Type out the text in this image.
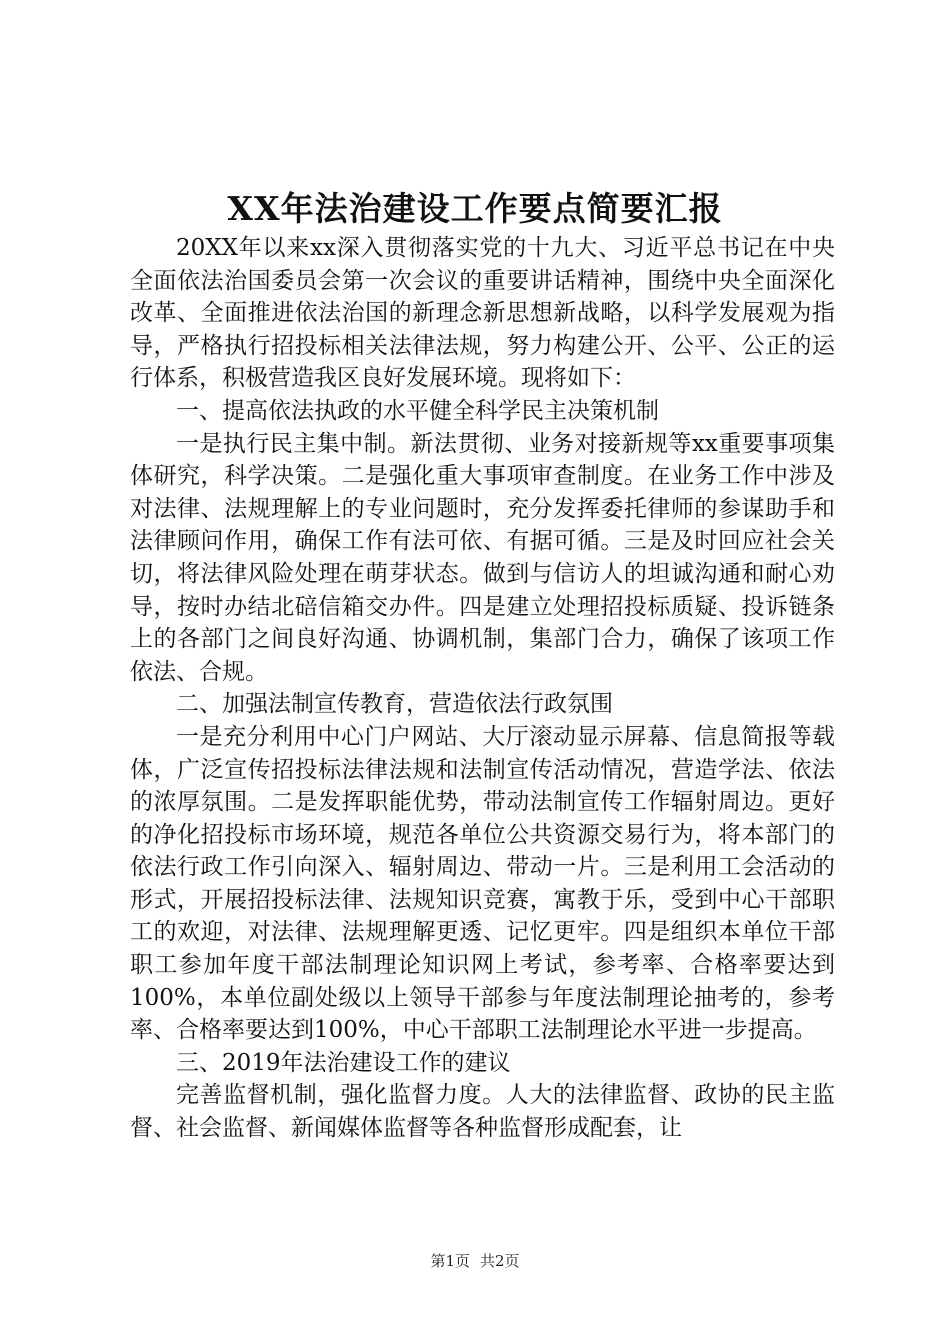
XX年法治建设工作要点简要汇报

20XX年以来xx深入贯彻落实党的十九大、习近平总书记在中央全面依法治国委员会第一次会议的重要讲话精神，围绕中央全面深化改革、全面推进依法治国的新理念新思想新战略，以科学发展观为指导，严格执行招投标相关法律法规，努力构建公开、公平、公正的运行体系，积极营造我区良好发展环境。现将如下：

一、提高依法执政的水平健全科学民主决策机制

一是执行民主集中制。新法贯彻、业务对接新规等xx重要事项集体研究，科学决策。二是强化重大事项审查制度。在业务工作中涉及对法律、法规理解上的专业问题时，充分发挥委托律师的参谋助手和法律顾问作用，确保工作有法可依、有据可循。三是及时回应社会关切，将法律风险处理在萌芽状态。做到与信访人的坦诚沟通和耐心劝导，按时办结北碚信箱交办件。四是建立处理招投标质疑、投诉链条上的各部门之间良好沟通、协调机制，集部门合力，确保了该项工作依法、合规。

二、加强法制宣传教育，营造依法行政氛围

一是充分利用中心门户网站、大厅滚动显示屏幕、信息简报等载体，广泛宣传招投标法律法规和法制宣传活动情况，营造学法、依法的浓厚氛围。二是发挥职能优势，带动法制宣传工作辐射周边。更好的净化招投标市场环境，规范各单位公共资源交易行为，将本部门的依法行政工作引向深入、辐射周边、带动一片。三是利用工会活动的形式，开展招投标法律、法规知识竞赛，寓教于乐，受到中心干部职工的欢迎，对法律、法规理解更透、记忆更牢。四是组织本单位干部职工参加年度干部法制理论知识网上考试，参考率、合格率要达到100%，本单位副处级以上领导干部参与年度法制理论抽考的，参考率、合格率要达到100%，中心干部职工法制理论水平进一步提高。

三、2019年法治建设工作的建议

完善监督机制，强化监督力度。人大的法律监督、政协的民主监督、社会监督、新闻媒体监督等各种监督形成配套，让

第1页 共2页
